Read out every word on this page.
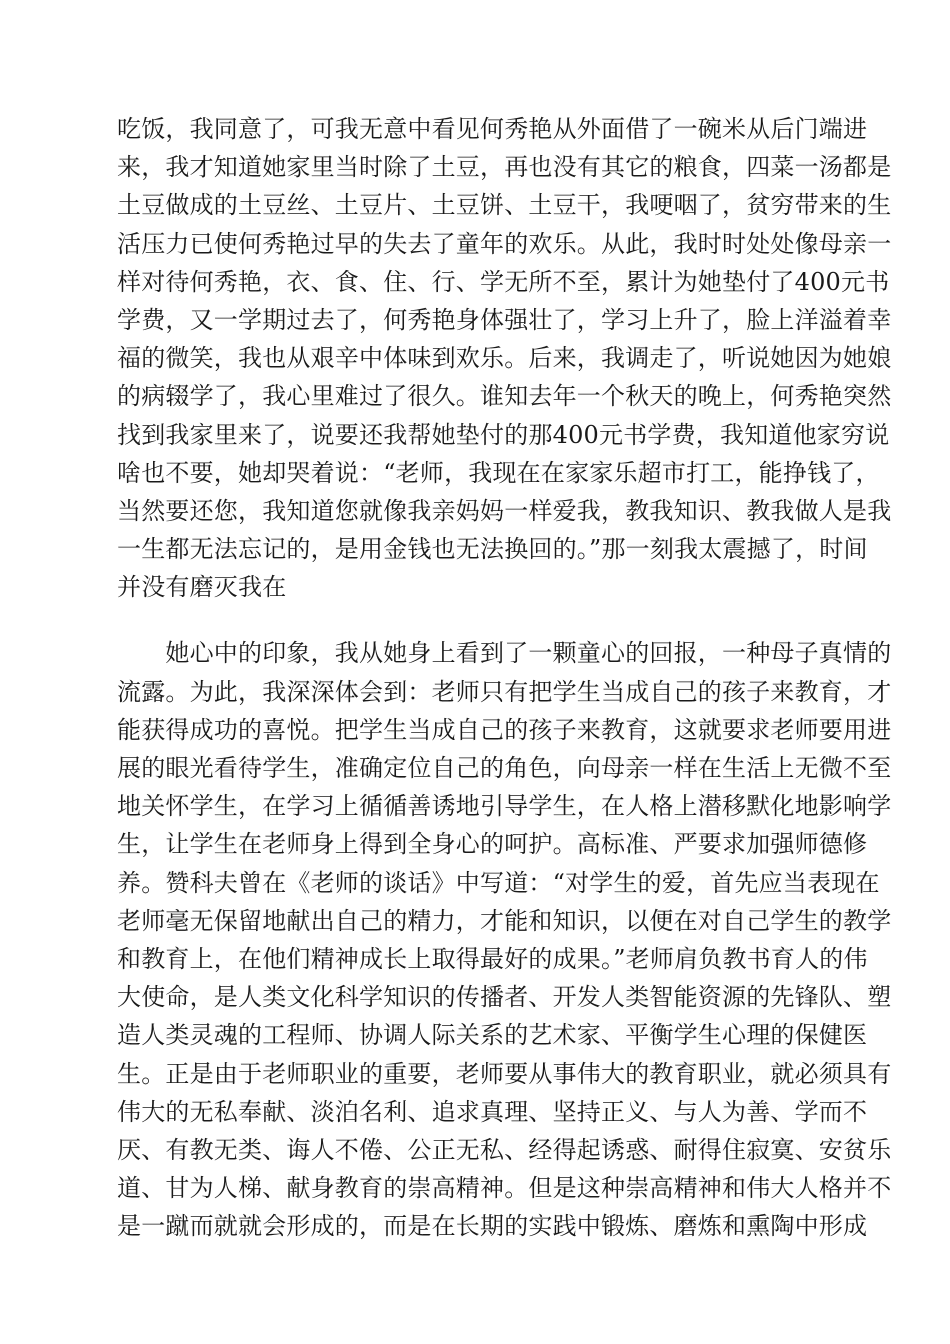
吃饭，我同意了，可我无意中看见何秀艳从外面借了一碗米从后门端进
来，我才知道她家里当时除了土豆，再也没有其它的粮食，四菜一汤都是
土豆做成的土豆丝、土豆片、土豆饼、土豆干，我哽咽了，贫穷带来的生
活压力已使何秀艳过早的失去了童年的欢乐。从此，我时时处处像母亲一
样对待何秀艳，衣、食、住、行、学无所不至，累计为她垫付了400元书
学费，又一学期过去了，何秀艳身体强壮了，学习上升了，脸上洋溢着幸
福的微笑，我也从艰辛中体味到欢乐。后来，我调走了，听说她因为她娘
的病辍学了，我心里难过了很久。谁知去年一个秋天的晚上，何秀艳突然
找到我家里来了，说要还我帮她垫付的那400元书学费，我知道他家穷说
啥也不要，她却哭着说：“老师，我现在在家家乐超市打工，能挣钱了，
当然要还您，我知道您就像我亲妈妈一样爱我，教我知识、教我做人是我
一生都无法忘记的，是用金钱也无法换回的。”那一刻我太震撼了，时间
并没有磨灭我在
　　她心中的印象，我从她身上看到了一颗童心的回报，一种母子真情的
流露。为此，我深深体会到：老师只有把学生当成自己的孩子来教育，才
能获得成功的喜悦。把学生当成自己的孩子来教育，这就要求老师要用进
展的眼光看待学生，准确定位自己的角色，向母亲一样在生活上无微不至
地关怀学生，在学习上循循善诱地引导学生，在人格上潜移默化地影响学
生，让学生在老师身上得到全身心的呵护。高标准、严要求加强师德修
养。赞科夫曾在《老师的谈话》中写道：“对学生的爱，首先应当表现在
老师毫无保留地献出自己的精力，才能和知识，以便在对自己学生的教学
和教育上，在他们精神成长上取得最好的成果。”老师肩负教书育人的伟
大使命，是人类文化科学知识的传播者、开发人类智能资源的先锋队、塑
造人类灵魂的工程师、协调人际关系的艺术家、平衡学生心理的保健医
生。正是由于老师职业的重要，老师要从事伟大的教育职业，就必须具有
伟大的无私奉献、淡泊名利、追求真理、坚持正义、与人为善、学而不
厌、有教无类、诲人不倦、公正无私、经得起诱惑、耐得住寂寞、安贫乐
道、甘为人梯、献身教育的崇高精神。但是这种崇高精神和伟大人格并不
是一蹴而就就会形成的，而是在长期的实践中锻炼、磨炼和熏陶中形成
